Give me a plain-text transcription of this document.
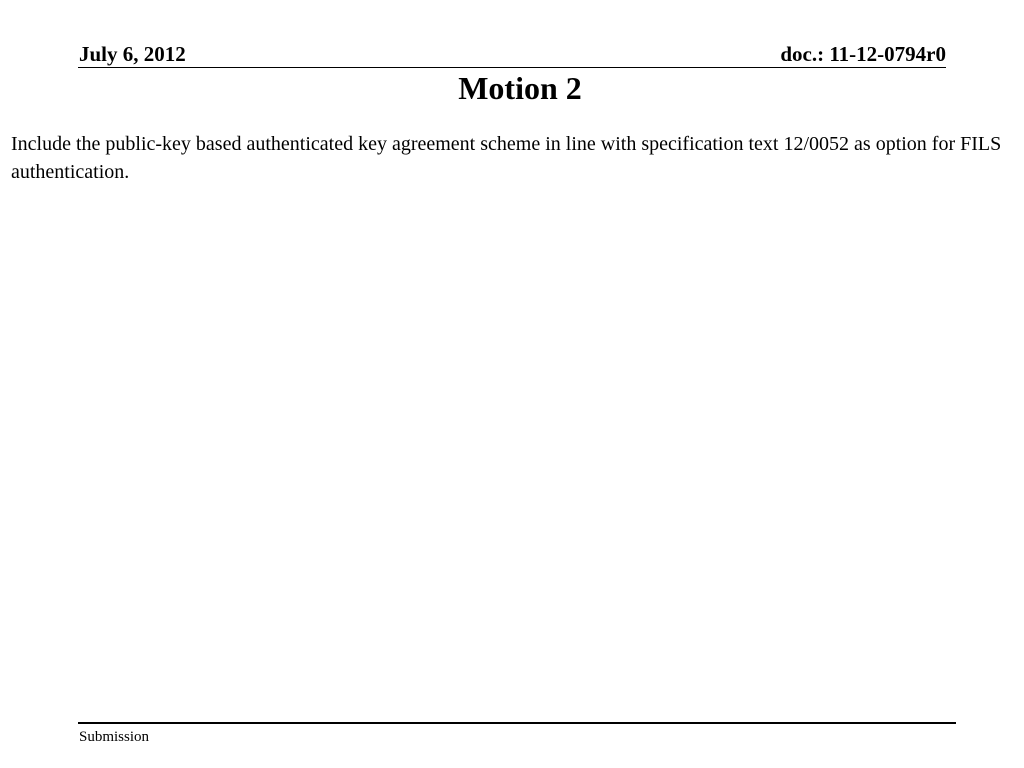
July 6, 2012	doc.: 11-12-0794r0
Motion 2

Include the public-key based authenticated key agreement scheme in line with specification text 12/0052 as option for FILS authentication.

Submission
